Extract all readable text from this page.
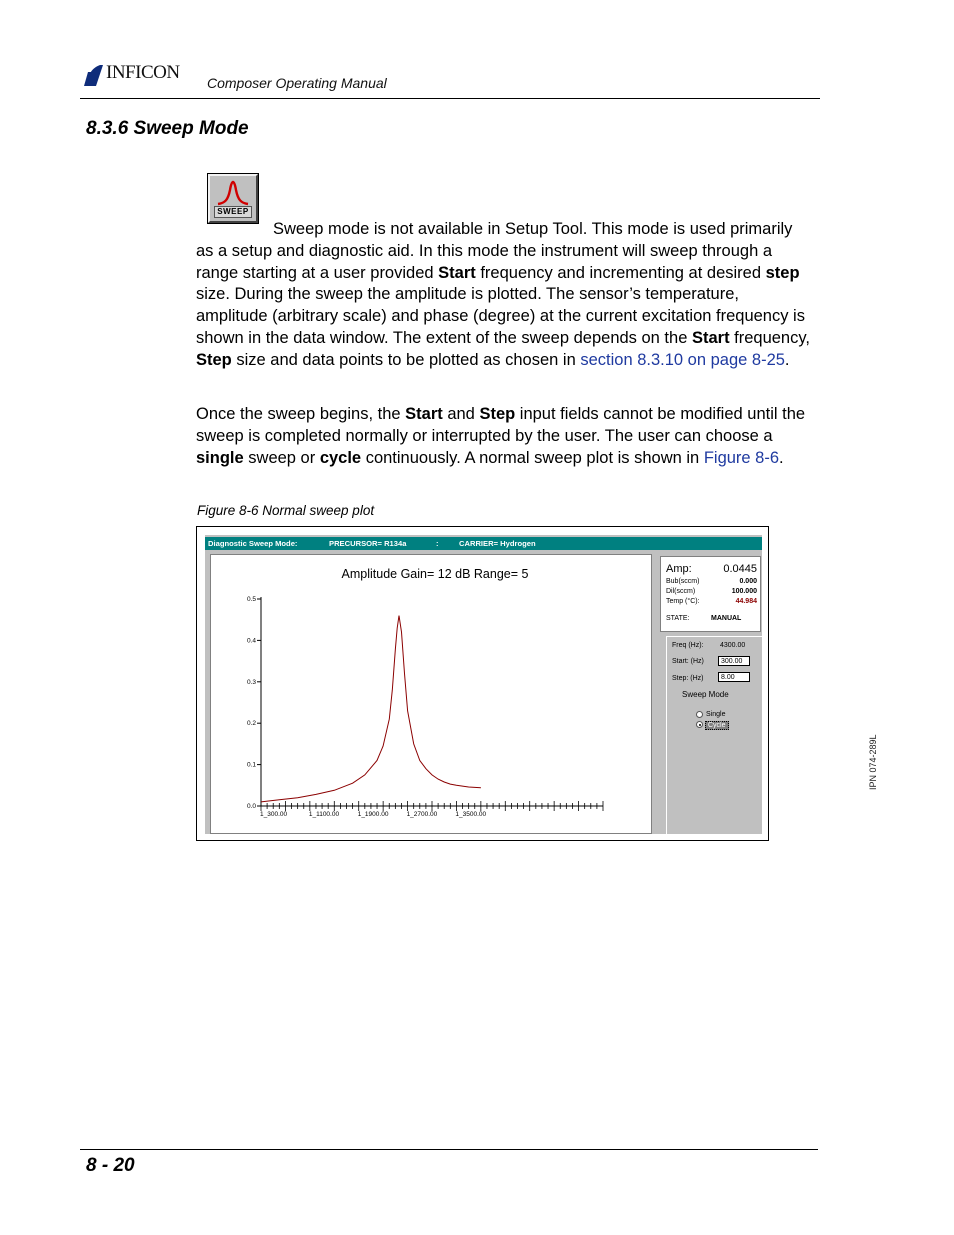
INFICON Composer Operating Manual
8.3.6 Sweep Mode
SWEEP

Sweep mode is not available in Setup Tool. This mode is used primarily as a setup and diagnostic aid. In this mode the instrument will sweep through a range starting at a user provided Start frequency and incrementing at desired step size. During the sweep the amplitude is plotted. The sensor’s temperature, amplitude (arbitrary scale) and phase (degree) at the current excitation frequency is shown in the data window. The extent of the sweep depends on the Start frequency, Step size and data points to be plotted as chosen in section 8.3.10 on page 8-25.

Once the sweep begins, the Start and Step input fields cannot be modified until the sweep is completed normally or interrupted by the user. The user can choose a single sweep or cycle continuously. A normal sweep plot is shown in Figure 8-6.

Figure 8-6 Normal sweep plot

Diagnostic Sweep Mode:

	PRECURSOR= R134a

	:

	CARRIER= Hydrogen

Amplitude Gain= 12 dB Range= 5
0.0
0.1
0.2
0.3
0.4
0.5
1_300.00	1_1100.00	1_1900.00	1_2700.00	1_3500.00
Amp:	0.0445
Bub(sccm)	0.000
Dil(sccm)	100.000
Temp (°C):	44.984
STATE:	MANUAL
Freq (Hz): 4300.00
Start: (Hz)	300.00
Step: (Hz)	8.00
Sweep Mode
Single
Cycle
IPN 074-289L
8 - 20
